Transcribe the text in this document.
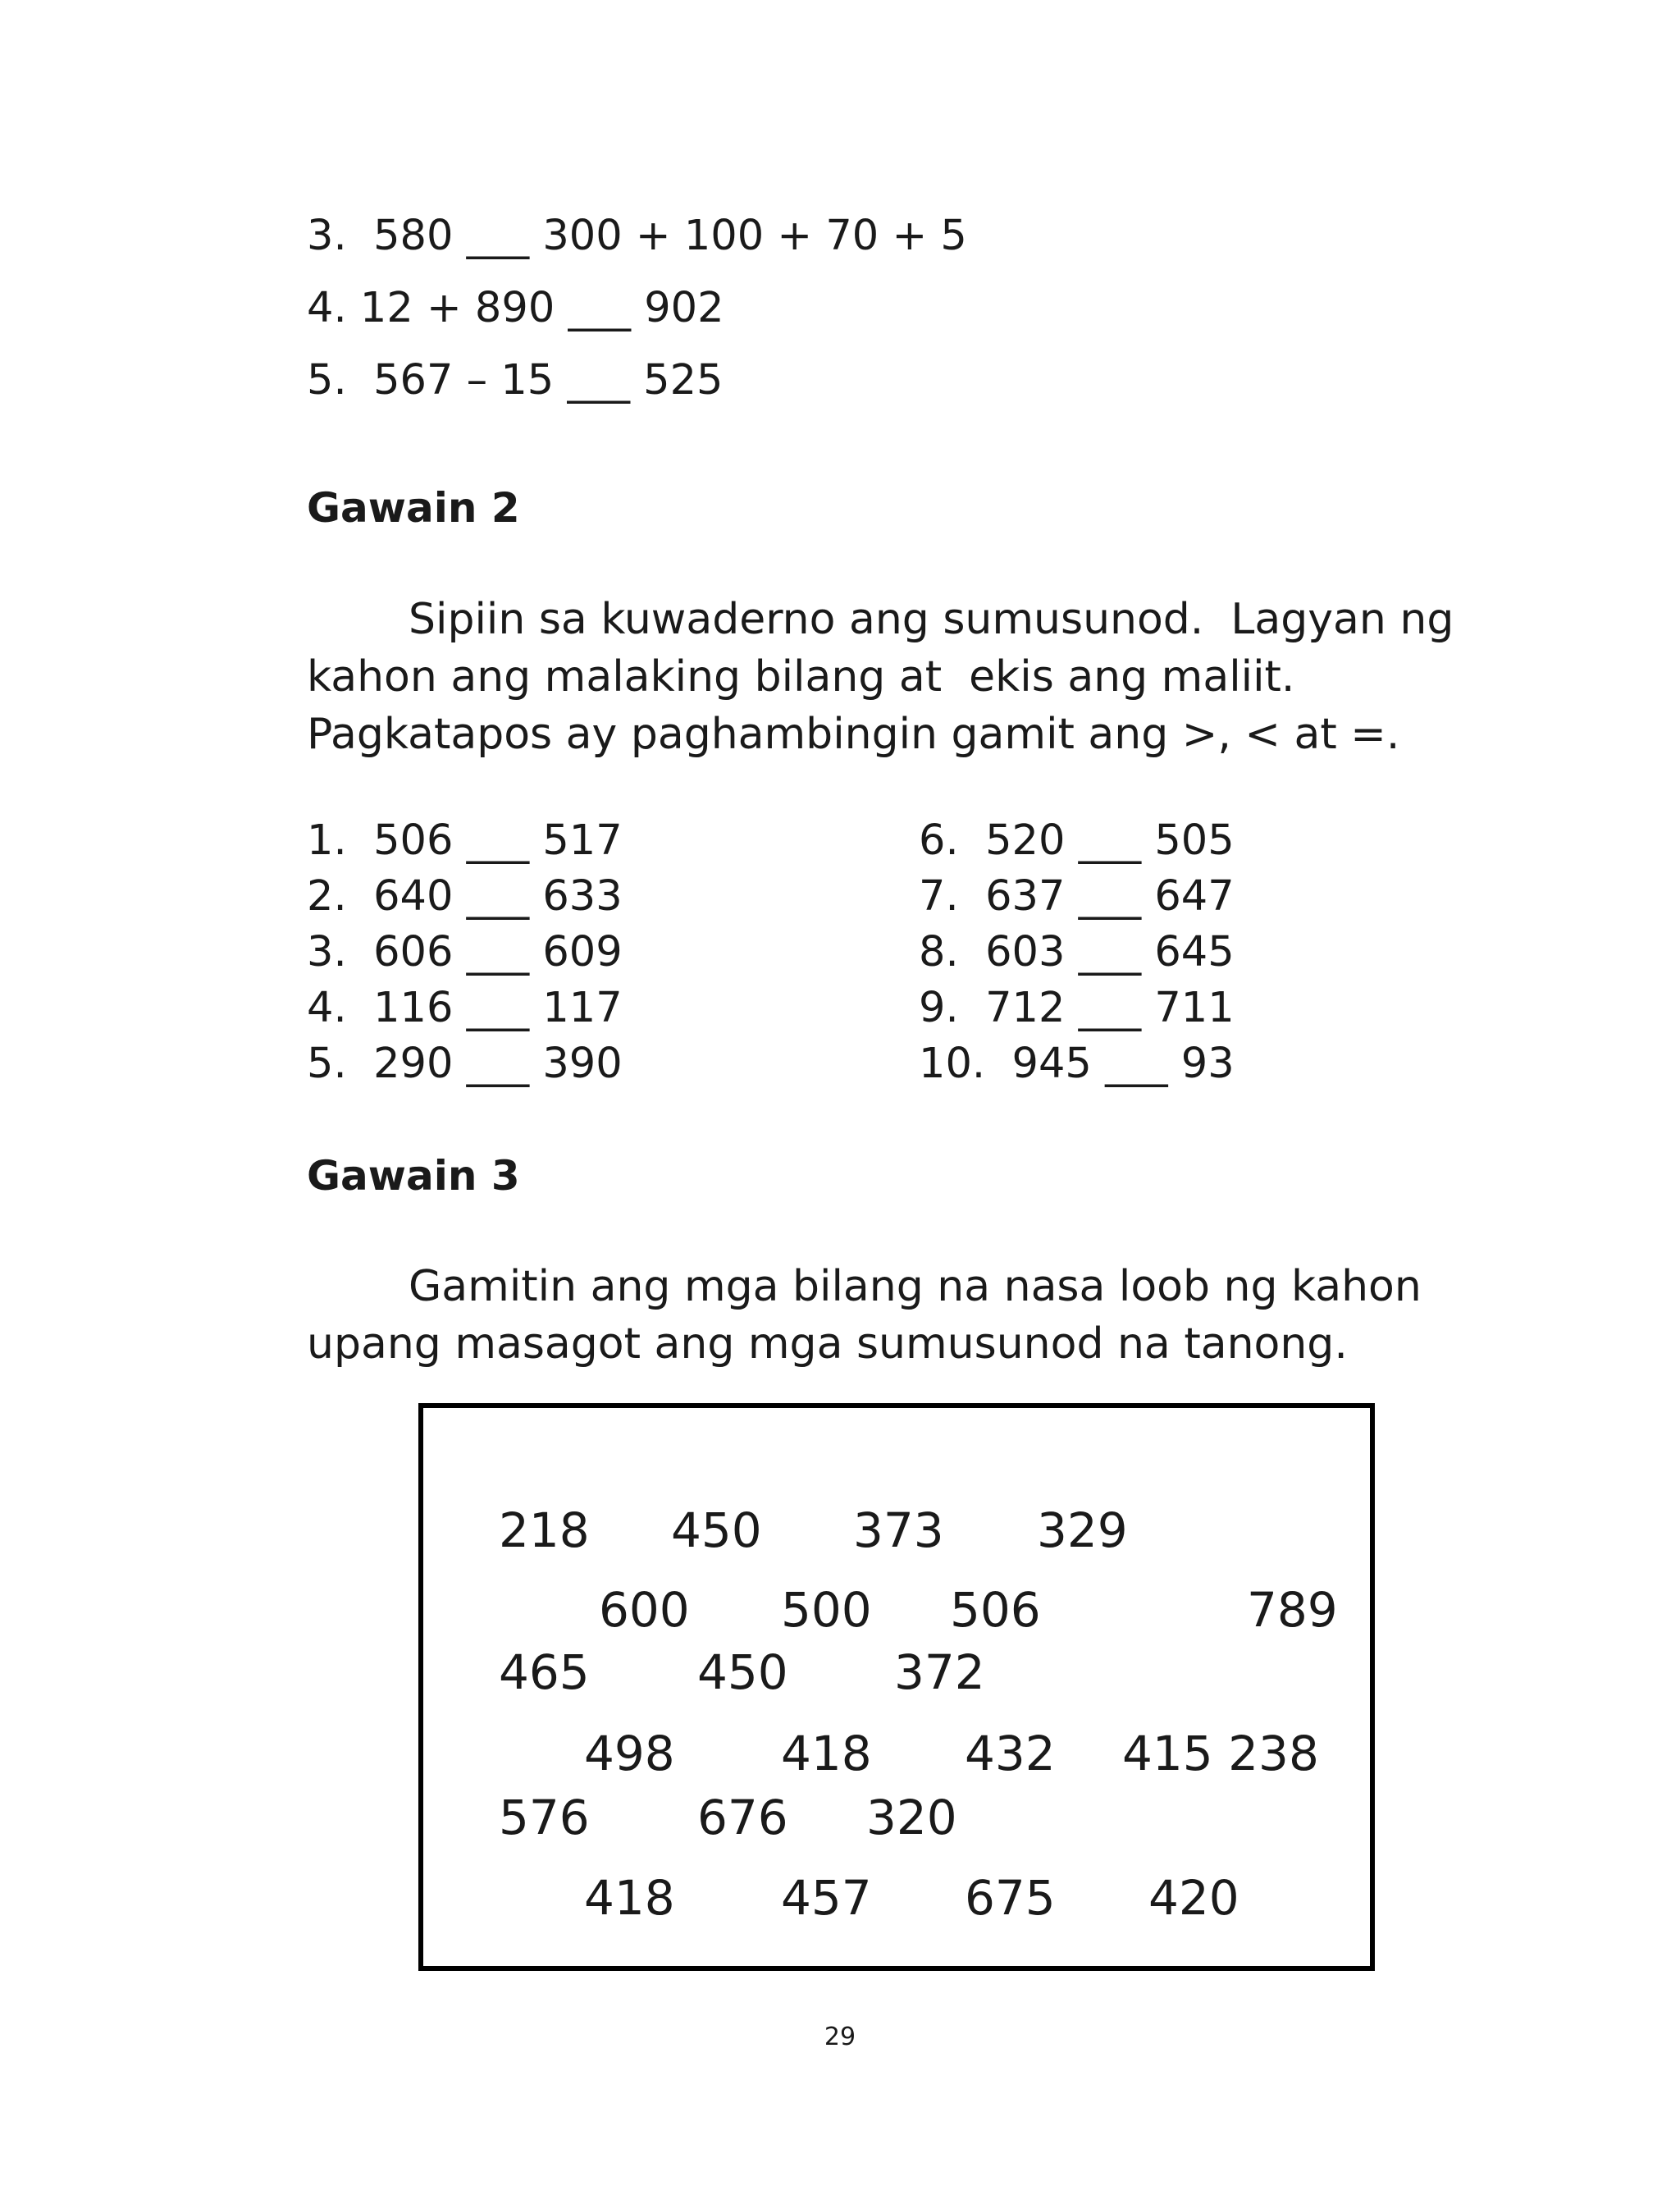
3.  580 ___ 300 + 100 + 70 + 5
4. 12 + 890 ___ 902
5.  567 – 15 ___ 525
Gawain 2
Sipiin sa kuwaderno ang sumusunod.  Lagyan ng
kahon ang malaking bilang at  ekis ang maliit.
Pagkatapos ay paghambingin gamit ang >, < at =.
1.  506 ___ 517
2.  640 ___ 633
3.  606 ___ 609
4.  116 ___ 117
5.  290 ___ 390
6.  520 ___ 505
7.  637 ___ 647
8.  603 ___ 645
9.  712 ___ 711
10.  945 ___ 93
Gawain 3
Gamitin ang mga bilang na nasa loob ng kahon
upang masagot ang mga sumusunod na tanong.
218 450 373 329
600 500 506	789
465 450 372
498 418 432 415 238
576 676 320
418 457 675 420
29
